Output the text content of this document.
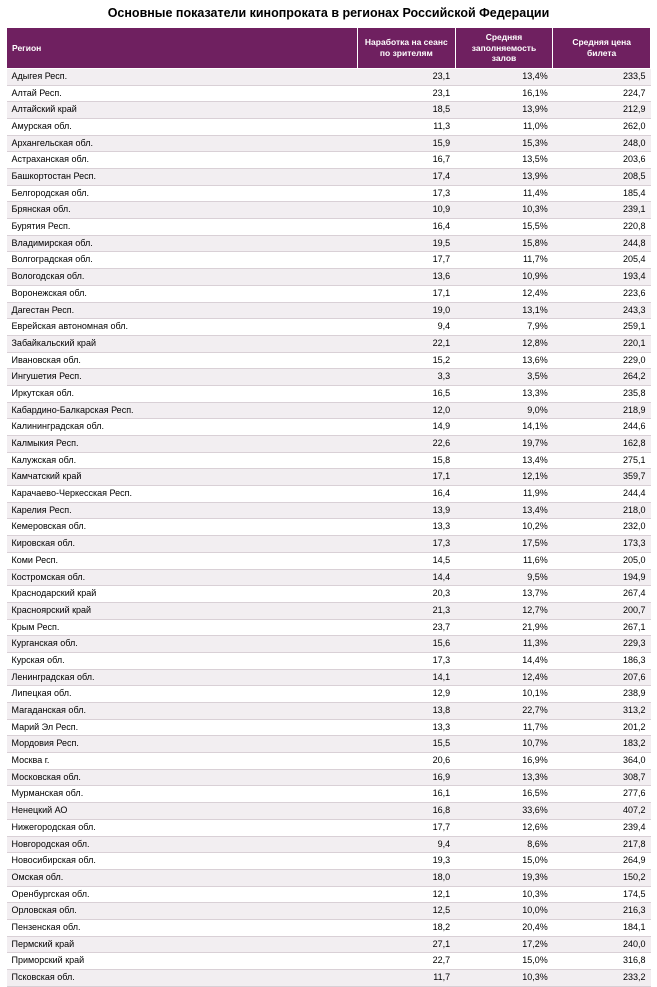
Основные показатели кинопроката в регионах Российской Федерации
Регион	Наработка на сеанс по зрителям	Средняя заполняемость залов	Средняя цена билета
Адыгея Респ.	23,1	13,4%	233,5
Алтай Респ.	23,1	16,1%	224,7
Алтайский край	18,5	13,9%	212,9
Амурская обл.	11,3	11,0%	262,0
Архангельская обл.	15,9	15,3%	248,0
Астраханская обл.	16,7	13,5%	203,6
Башкортостан Респ.	17,4	13,9%	208,5
Белгородская обл.	17,3	11,4%	185,4
Брянская обл.	10,9	10,3%	239,1
Бурятия Респ.	16,4	15,5%	220,8
Владимирская обл.	19,5	15,8%	244,8
Волгоградская обл.	17,7	11,7%	205,4
Вологодская обл.	13,6	10,9%	193,4
Воронежская обл.	17,1	12,4%	223,6
Дагестан Респ.	19,0	13,1%	243,3
Еврейская автономная обл.	9,4	7,9%	259,1
Забайкальский край	22,1	12,8%	220,1
Ивановская обл.	15,2	13,6%	229,0
Ингушетия Респ.	3,3	3,5%	264,2
Иркутская обл.	16,5	13,3%	235,8
Кабардино-Балкарская Респ.	12,0	9,0%	218,9
Калининградская обл.	14,9	14,1%	244,6
Калмыкия Респ.	22,6	19,7%	162,8
Калужская обл.	15,8	13,4%	275,1
Камчатский край	17,1	12,1%	359,7
Карачаево-Черкесская Респ.	16,4	11,9%	244,4
Карелия Респ.	13,9	13,4%	218,0
Кемеровская обл.	13,3	10,2%	232,0
Кировская обл.	17,3	17,5%	173,3
Коми Респ.	14,5	11,6%	205,0
Костромская обл.	14,4	9,5%	194,9
Краснодарский край	20,3	13,7%	267,4
Красноярский край	21,3	12,7%	200,7
Крым Респ.	23,7	21,9%	267,1
Курганская обл.	15,6	11,3%	229,3
Курская обл.	17,3	14,4%	186,3
Ленинградская обл.	14,1	12,4%	207,6
Липецкая обл.	12,9	10,1%	238,9
Магаданская обл.	13,8	22,7%	313,2
Марий Эл Респ.	13,3	11,7%	201,2
Мордовия Респ.	15,5	10,7%	183,2
Москва г.	20,6	16,9%	364,0
Московская обл.	16,9	13,3%	308,7
Мурманская обл.	16,1	16,5%	277,6
Ненецкий АО	16,8	33,6%	407,2
Нижегородская обл.	17,7	12,6%	239,4
Новгородская обл.	9,4	8,6%	217,8
Новосибирская обл.	19,3	15,0%	264,9
Омская обл.	18,0	19,3%	150,2
Оренбургская обл.	12,1	10,3%	174,5
Орловская обл.	12,5	10,0%	216,3
Пензенская обл.	18,2	20,4%	184,1
Пермский край	27,1	17,2%	240,0
Приморский край	22,7	15,0%	316,8
Псковская обл.	11,7	10,3%	233,2
